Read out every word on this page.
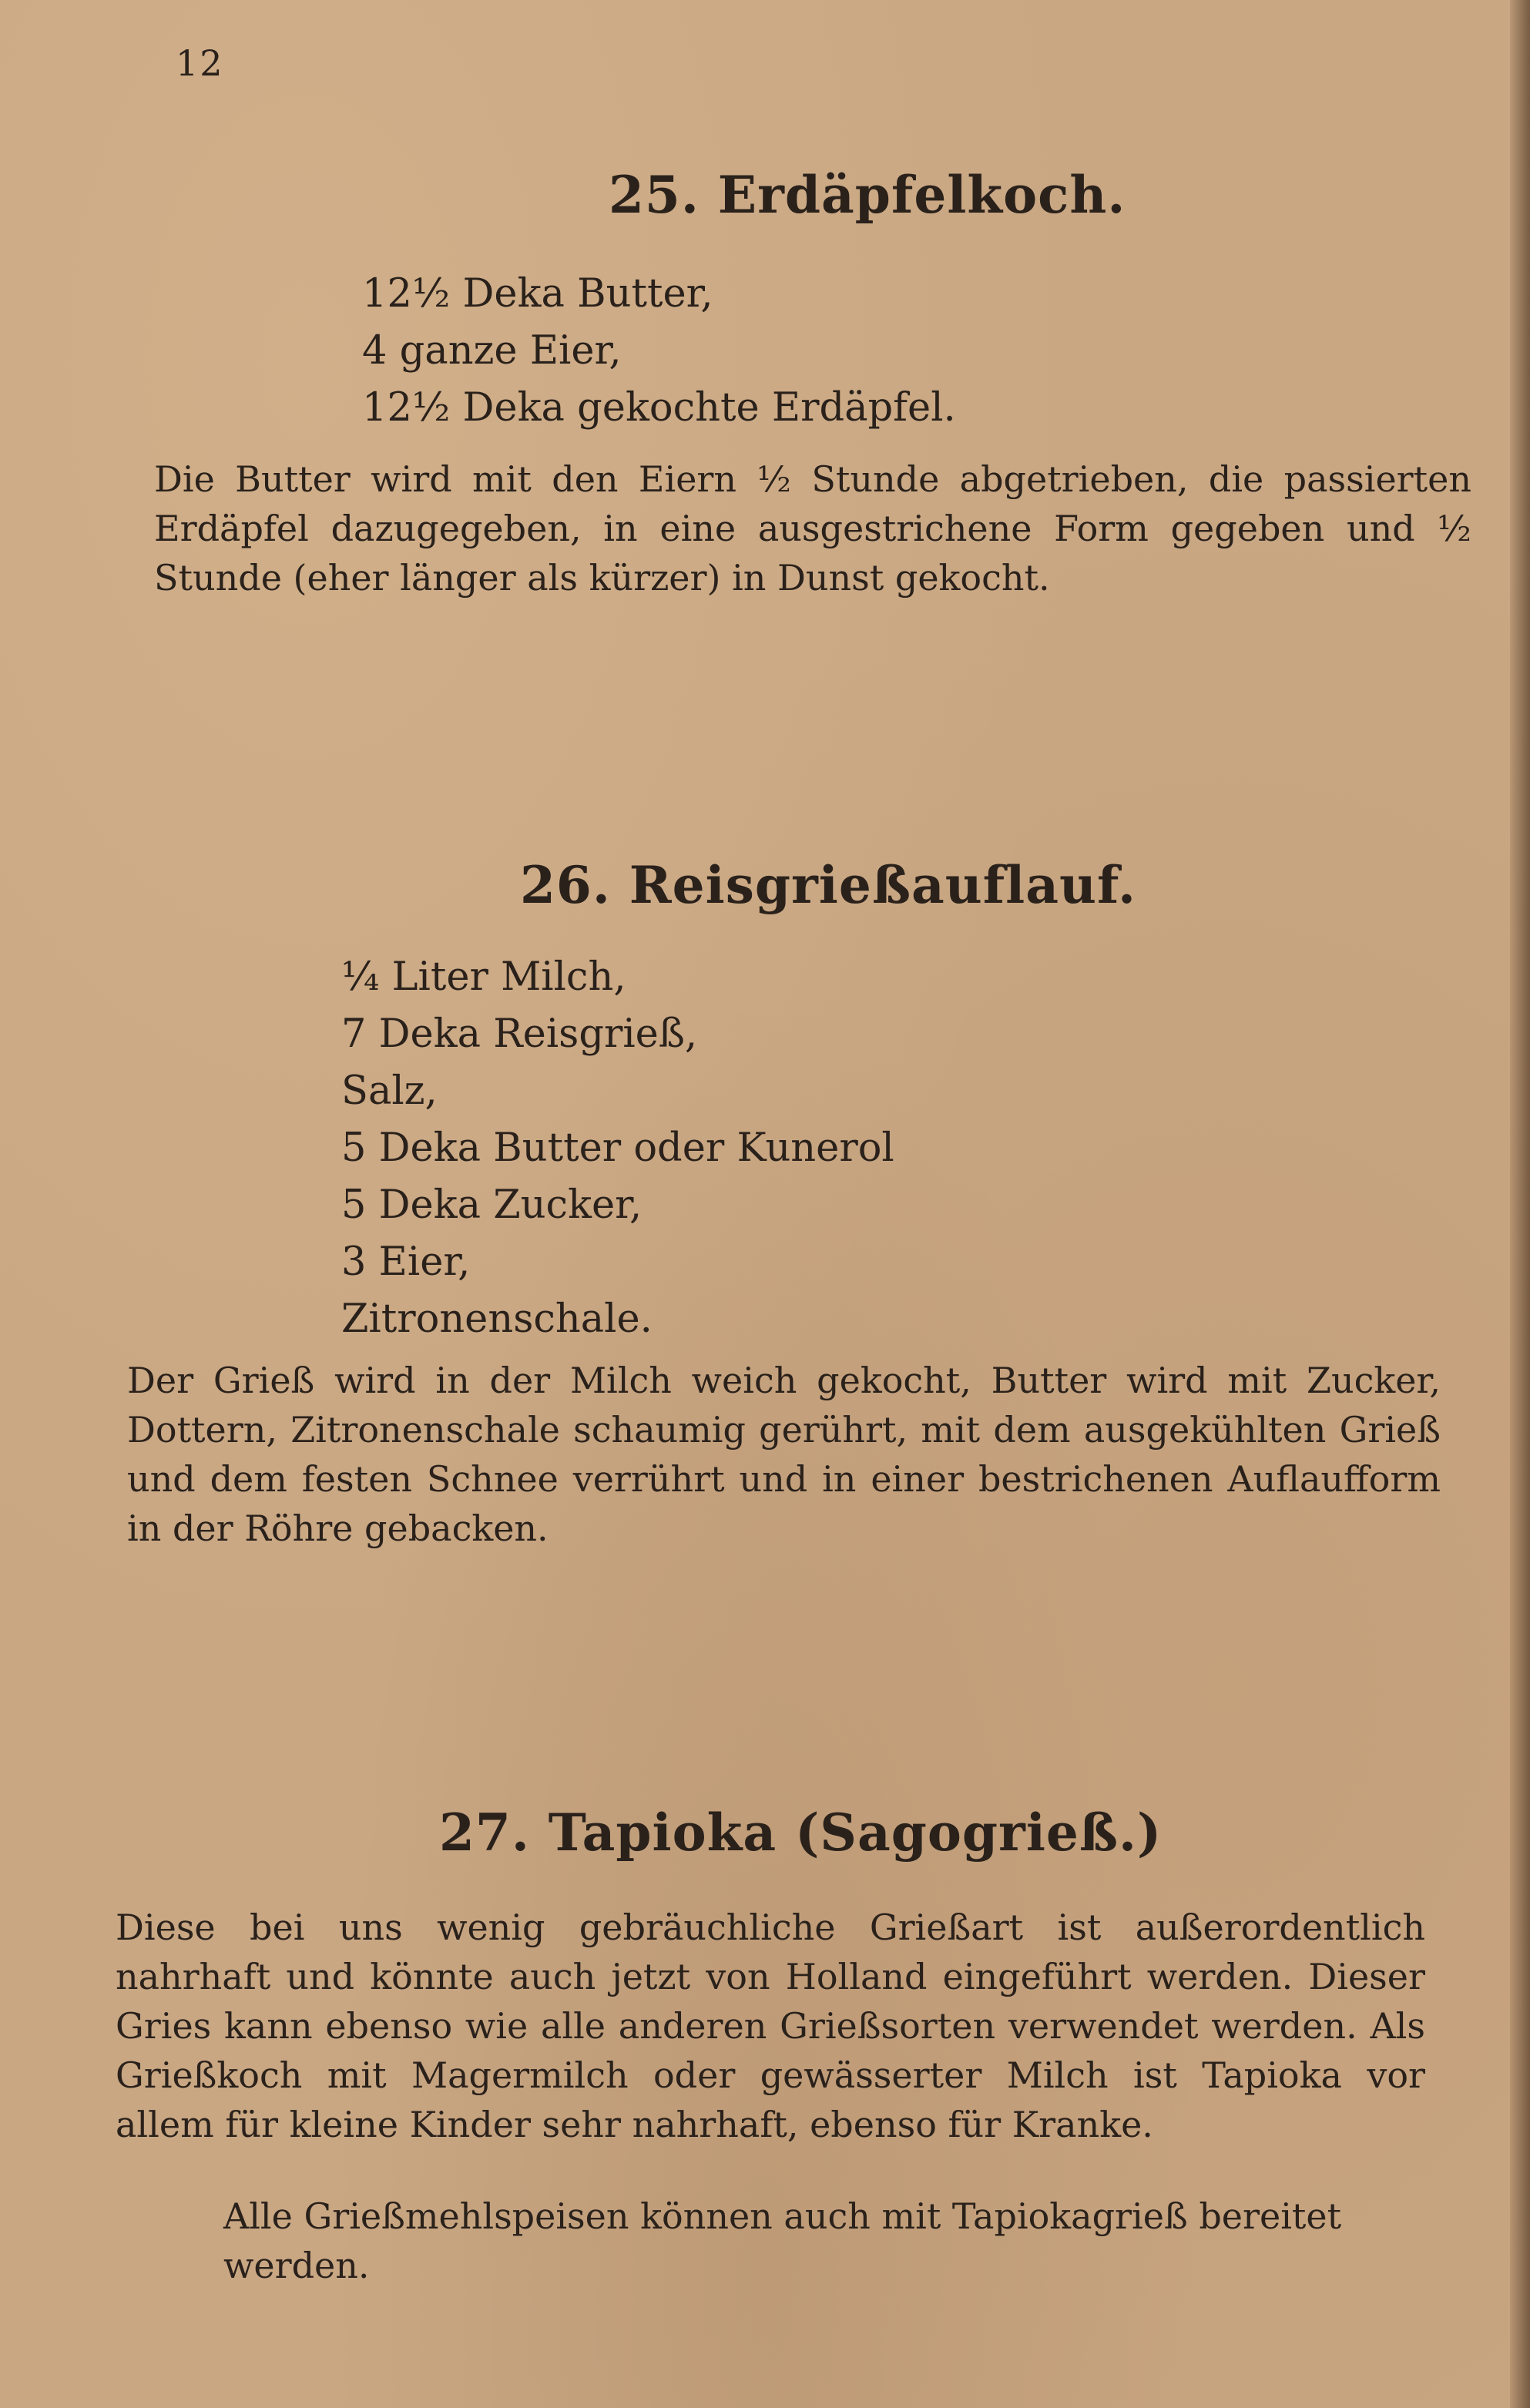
12
25. Erdäpfelkoch.
12½ Deka Butter,
4 ganze Eier,
12½ Deka gekochte Erdäpfel.

Die Butter wird mit den Eiern ½ Stunde abgetrieben, die passierten Erdäpfel dazugegeben, in eine ausgestrichene Form gegeben und ½ Stunde (eher länger als kürzer) in Dunst gekocht.

26. Reisgrießauflauf.
¼ Liter Milch,
7 Deka Reisgrieß,
Salz,
5 Deka Butter oder Kunerol
5 Deka Zucker,
3 Eier,
Zitronenschale.

Der Grieß wird in der Milch weich gekocht, Butter wird mit Zucker, Dottern, Zitronenschale schaumig gerührt, mit dem ausgekühlten Grieß und dem festen Schnee verrührt und in einer bestrichenen Auflaufform in der Röhre gebacken.

27. Tapioka (Sagogrieß.)

Diese bei uns wenig gebräuchliche Grießart ist außerordentlich nahrhaft und könnte auch jetzt von Holland eingeführt werden. Dieser Gries kann ebenso wie alle anderen Grießsorten verwendet werden. Als Grießkoch mit Magermilch oder gewässerter Milch ist Tapioka vor allem für kleine Kinder sehr nahrhaft, ebenso für Kranke.

Alle Grießmehlspeisen können auch mit Tapiokagrieß bereitet werden.
